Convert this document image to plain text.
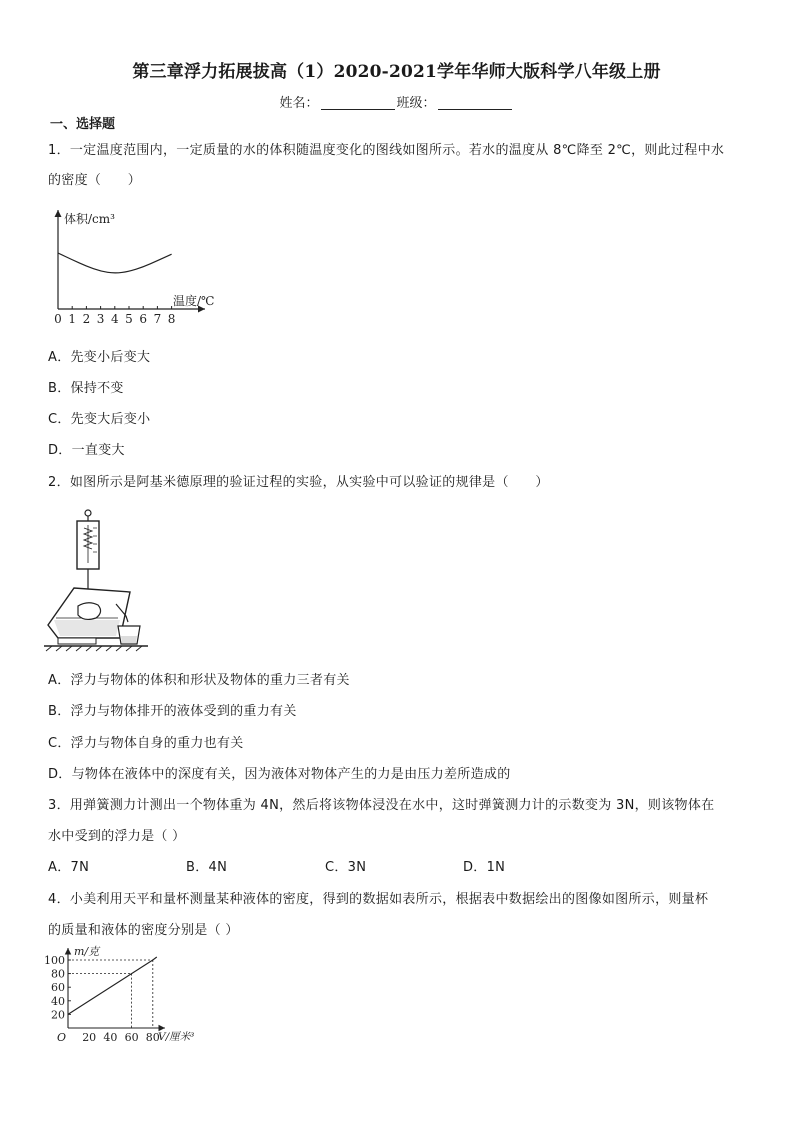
第三章浮力拓展拔高（1）2020-2021学年华师大版科学八年级上册
姓名：	班级：
一、选择题
1．一定温度范围内，一定质量的水的体积随温度变化的图线如图所示。若水的温度从 8℃降至 2℃，则此过程中水
的密度（　　）
体积/cm³
温度/℃
0 1 2 3 4 5 6 7 8
A．先变小后变大
B．保持不变
C．先变大后变小
D．一直变大
2．如图所示是阿基米德原理的验证过程的实验，从实验中可以验证的规律是（　　）
A．浮力与物体的体积和形状及物体的重力三者有关
B．浮力与物体排开的液体受到的重力有关
C．浮力与物体自身的重力也有关
D．与物体在液体中的深度有关，因为液体对物体产生的力是由压力差所造成的
3．用弹簧测力计测出一个物体重为 4N，然后将该物体浸没在水中，这时弹簧测力计的示数变为 3N，则该物体在
水中受到的浮力是（ ）
A．7N	B．4N	C．3N	D．1N
4．小美利用天平和量杯测量某种液体的密度，得到的数据如表所示，根据表中数据绘出的图像如图所示，则量杯
的质量和液体的密度分别是（ ）
m/克
V/厘米³
O 20 40 60 80
20
40
60
80
100
